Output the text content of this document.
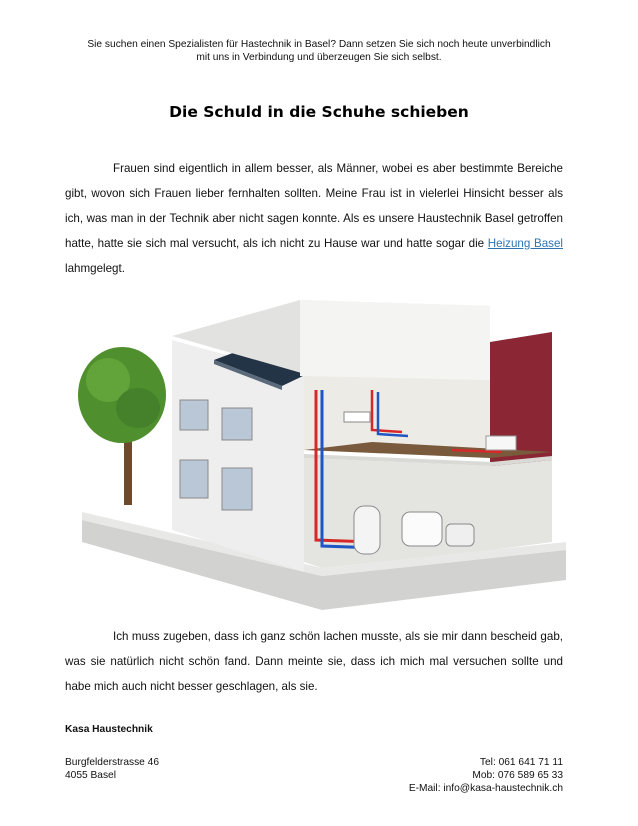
Sie suchen einen Spezialisten für Hastechnik in Basel? Dann setzen Sie sich noch heute unverbindlich
mit uns in Verbindung und überzeugen Sie sich selbst.
Die Schuld in die Schuhe schieben
Frauen sind eigentlich in allem besser, als Männer, wobei es aber bestimmte Bereiche gibt, wovon sich Frauen lieber fernhalten sollten. Meine Frau ist in vielerlei Hinsicht besser als ich, was man in der Technik aber nicht sagen konnte. Als es unsere Haustechnik Basel getroffen hatte, hatte sie sich mal versucht, als ich nicht zu Hause war und hatte sogar die Heizung Basel lahmgelegt.
Ich muss zugeben, dass ich ganz schön lachen musste, als sie mir dann bescheid gab, was sie natürlich nicht schön fand. Dann meinte sie, dass ich mich mal versuchen sollte und habe mich auch nicht besser geschlagen, als sie.
Kasa Haustechnik
Burgfelderstrasse 46
4055 Basel
Tel: 061 641 71 11
Mob: 076 589 65 33
E-Mail: info@kasa-haustechnik.ch
